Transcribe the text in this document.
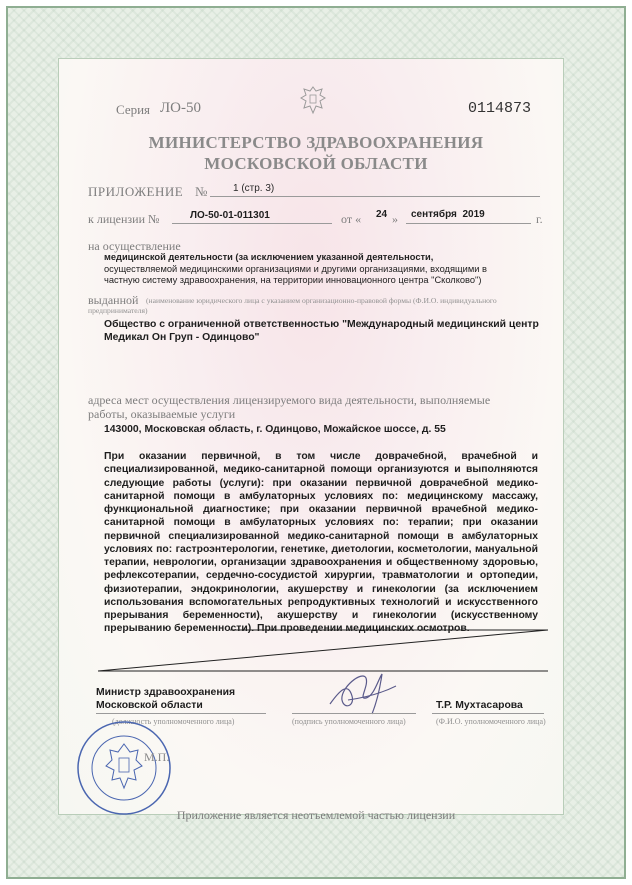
Серия ЛО-50	0114873
МИНИСТЕРСТВО ЗДРАВООХРАНЕНИЯ
МОСКОВСКОЙ ОБЛАСТИ
ПРИЛОЖЕНИЕ №	1 (стр. 3)
к лицензии №	ЛО-50-01-011301	от « 24 » сентября  2019	г.
на осуществление
медицинской деятельности (за исключением указанной деятельности,
осуществляемой медицинскими организациями и другими организациями, входящими в
частную систему здравоохранения, на территории инновационного центра "Сколково")
выданной (наименование юридического лица с указанием организационно-правовой формы (Ф.И.О. индивидуального
предпринимателя)
Общество с ограниченной ответственностью "Международный медицинский центр
Медикал Он Груп - Одинцово"
адреса мест осуществления лицензируемого вида деятельности, выполняемые
работы, оказываемые услуги
143000, Московская область, г. Одинцово, Можайское шоссе, д. 55
При оказании первичной, в том числе доврачебной, врачебной и специализированной, медико-санитарной помощи организуются и выполняются следующие работы (услуги): при оказании первичной доврачебной медико-санитарной помощи в амбулаторных условиях по: медицинскому массажу, функциональной диагностике; при оказании первичной врачебной медико-санитарной помощи в амбулаторных условиях по: терапии; при оказании первичной специализированной медико-санитарной помощи в амбулаторных условиях по: гастроэнтерологии, генетике, диетологии, косметологии, мануальной терапии, неврологии, организации здравоохранения и общественному здоровью, рефлексотерапии, сердечно-сосудистой хирургии, травматологии и ортопедии, физиотерапии, эндокринологии, акушерству и гинекологии (за исключением использования вспомогательных репродуктивных технологий и искусственного прерывания беременности), акушерству и гинекологии (искусственному прерыванию беременности). При проведении медицинских осмотров.
Министр здравоохранения
Московской области
(должность уполномоченного лица)	(подпись уполномоченного лица)
Т.Р. Мухтасарова
(Ф.И.О. уполномоченного лица)
М.П.
Приложение является неотъемлемой частью лицензии
